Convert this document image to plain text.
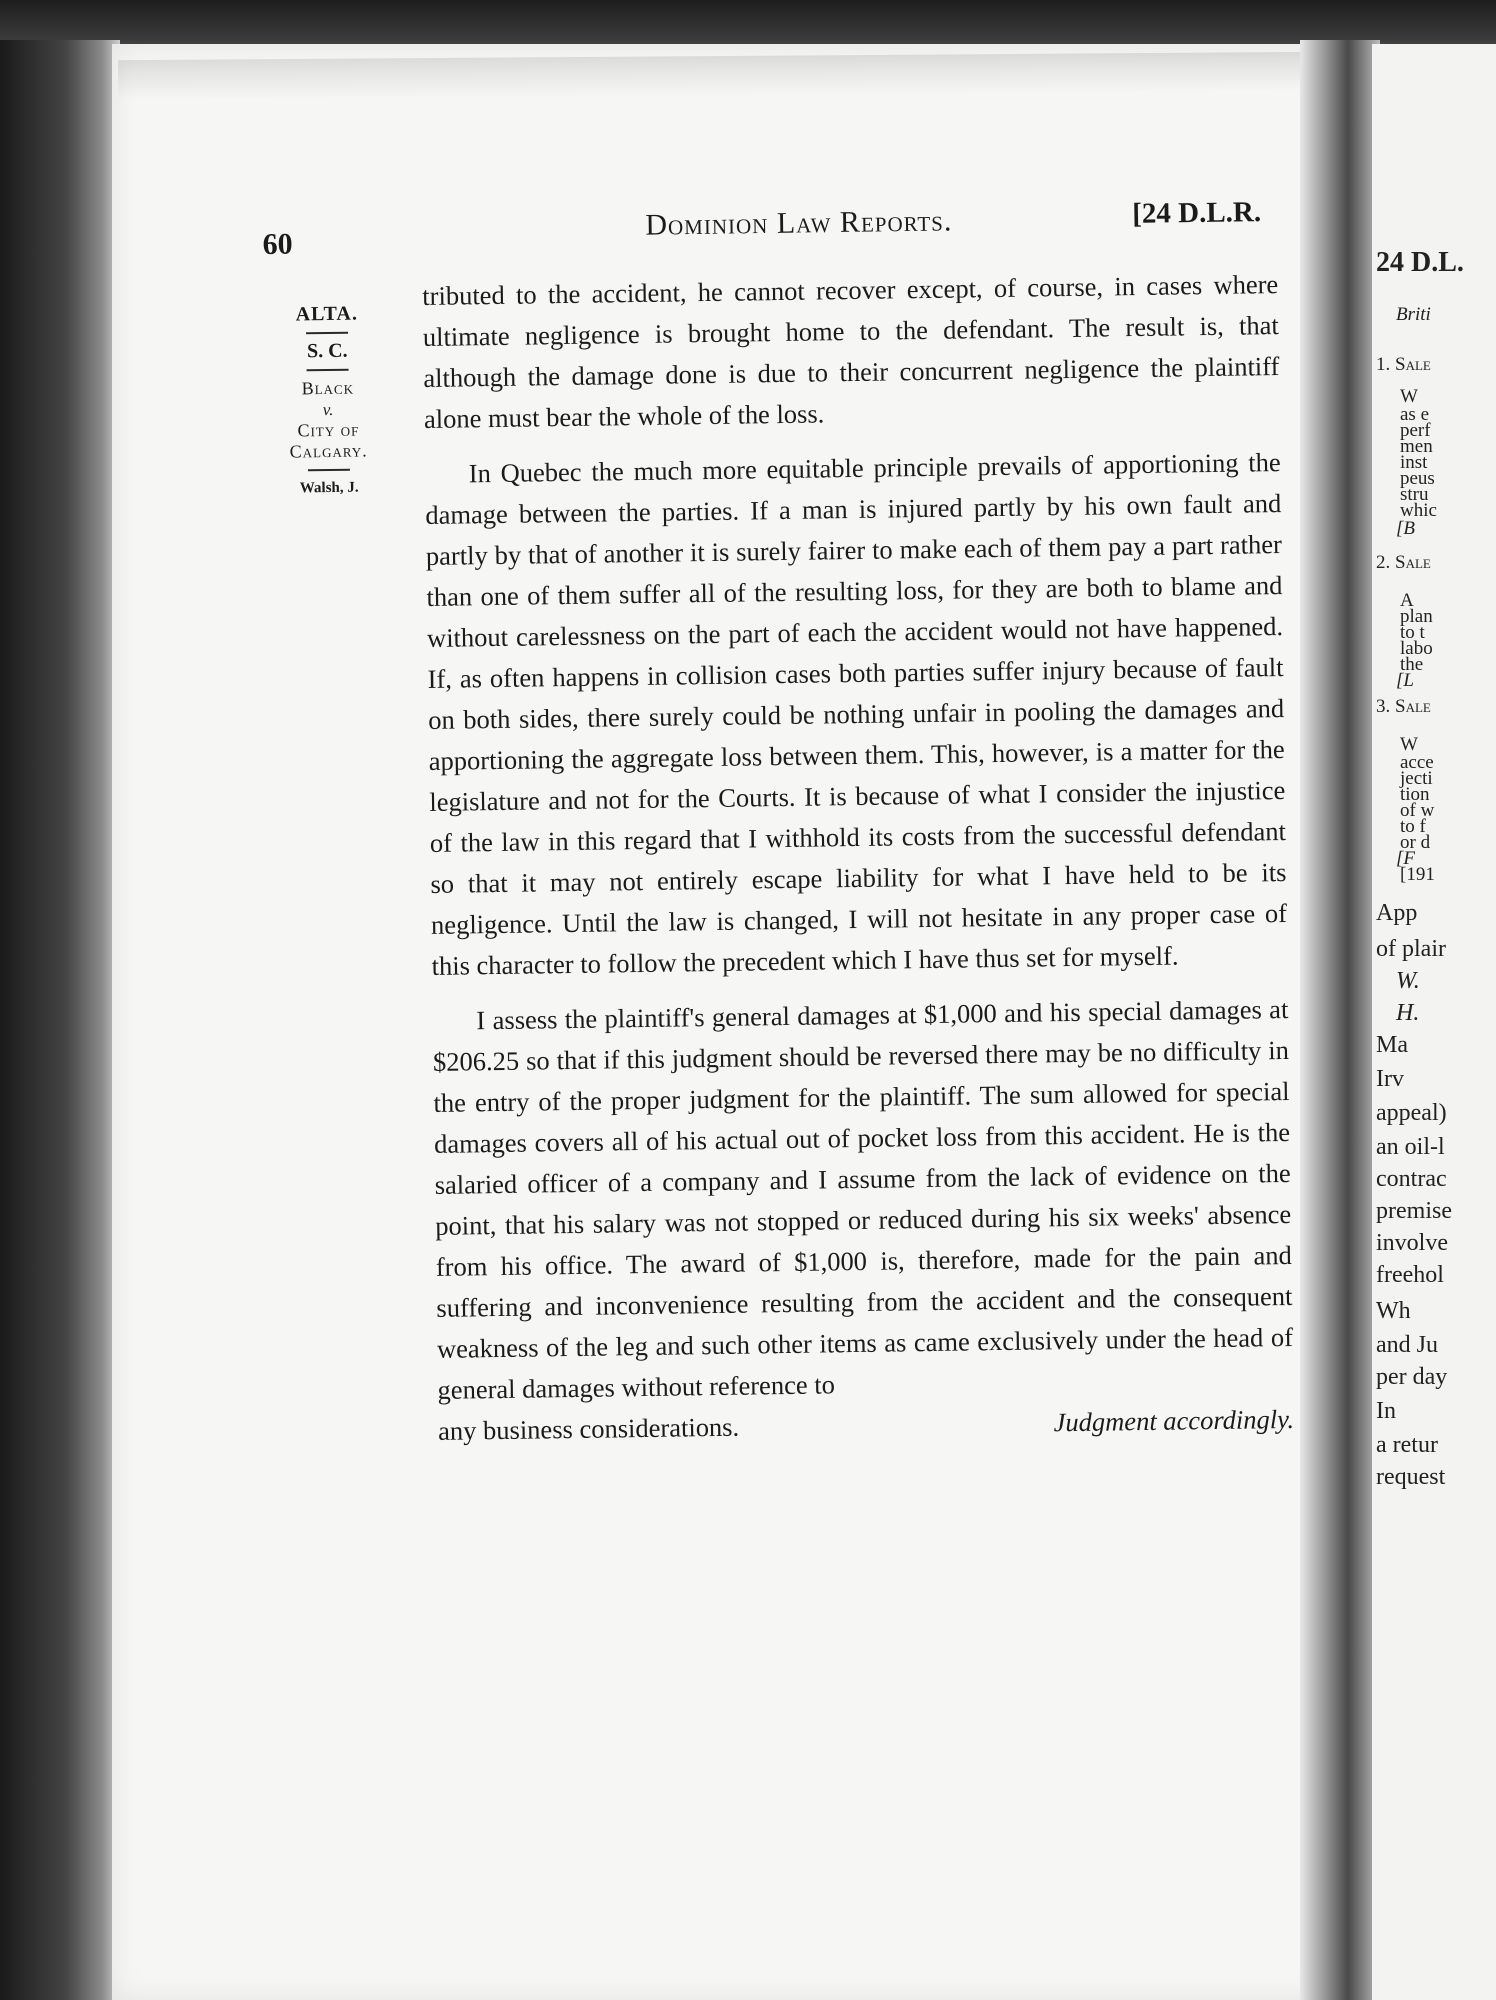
24 D.L.
Briti
1. Sale
W
as e
perf
men
inst
peus
stru
whic
[B
2. Sale
A
plan
to t
labo
the
[L
3. Sale
W
acce
jecti
tion
of w
to f
or d
[F
[191
App
of plair
W.
H.
Ma
Irv
appeal)
an oil-l
contrac
premise
involve
freehol
Wh
and Ju
per day
In
a retur
request
60
Dominion Law Reports.	[24 D.L.R.
ALTA.
S. C.
Black
v.
City of
Calgary.
Walsh, J.

tributed to the accident, he cannot recover except, of course, in cases where ultimate negligence is brought home to the defendant. The result is, that although the damage done is due to their concurrent negligence the plaintiff alone must bear the whole of the loss.

In Quebec the much more equitable principle prevails of apportioning the damage between the parties. If a man is injured partly by his own fault and partly by that of another it is surely fairer to make each of them pay a part rather than one of them suffer all of the resulting loss, for they are both to blame and without carelessness on the part of each the accident would not have happened. If, as often happens in collision cases both parties suffer injury because of fault on both sides, there surely could be nothing unfair in pooling the damages and apportioning the aggregate loss between them. This, however, is a matter for the legislature and not for the Courts. It is because of what I consider the injustice of the law in this regard that I withhold its costs from the successful defendant so that it may not entirely escape liability for what I have held to be its negligence. Until the law is changed, I will not hesitate in any proper case of this character to follow the precedent which I have thus set for myself.

I assess the plaintiff's general damages at $1,000 and his special damages at $206.25 so that if this judgment should be reversed there may be no difficulty in the entry of the proper judgment for the plaintiff. The sum allowed for special damages covers all of his actual out of pocket loss from this accident. He is the salaried officer of a company and I assume from the lack of evidence on the point, that his salary was not stopped or reduced during his six weeks' absence from his office. The award of $1,000 is, therefore, made for the pain and suffering and inconvenience resulting from the accident and the consequent weakness of the leg and such other items as came exclusively under the head of general damages without reference to

any business considerations.	Judgment accordingly.
